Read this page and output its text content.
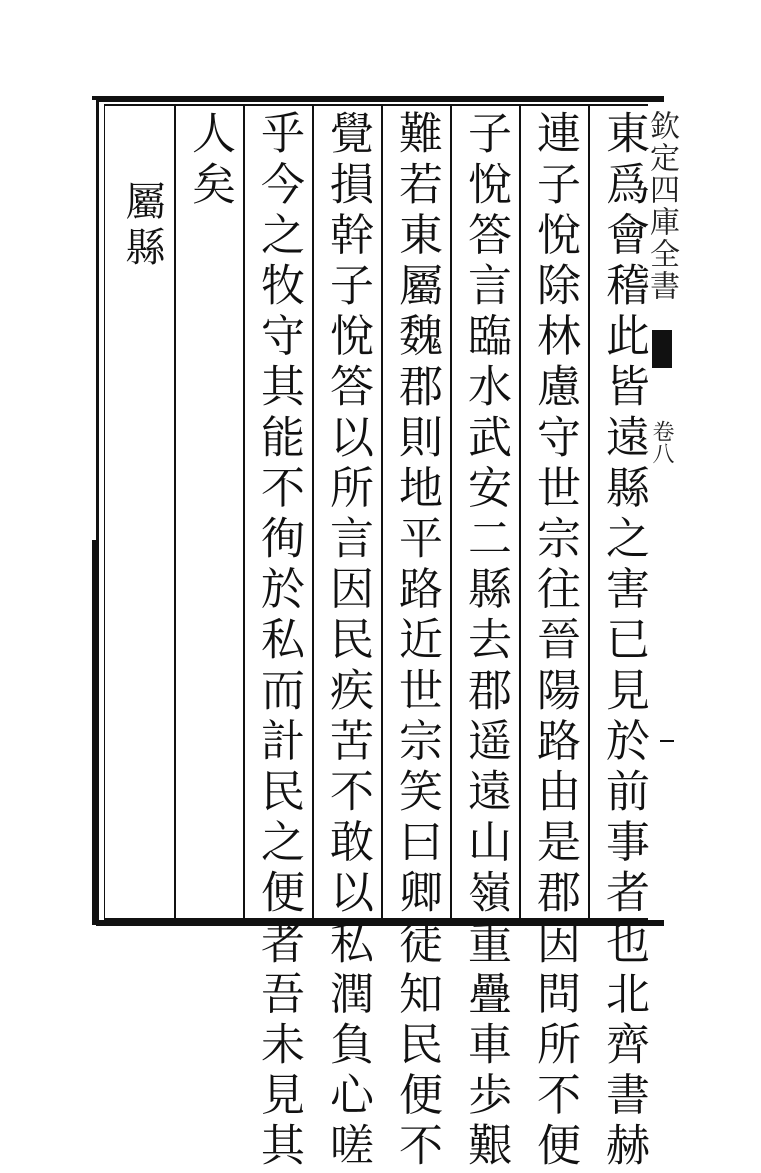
欽定四庫全書
卷八
東爲會稽此皆遠縣之害已見於前事者也北齊書赫
連子悅除林慮守世宗往晉陽路由是郡因問所不便
子悅答言臨水武安二縣去郡遥遠山嶺重疊車歩艱
難若東屬魏郡則地平路近世宗笑曰卿徒知民便不
覺損幹子悅答以所言因民疾苦不敢以私潤負心嗟
乎今之牧守其能不徇於私而計民之便者吾未見其
人矣
屬縣
